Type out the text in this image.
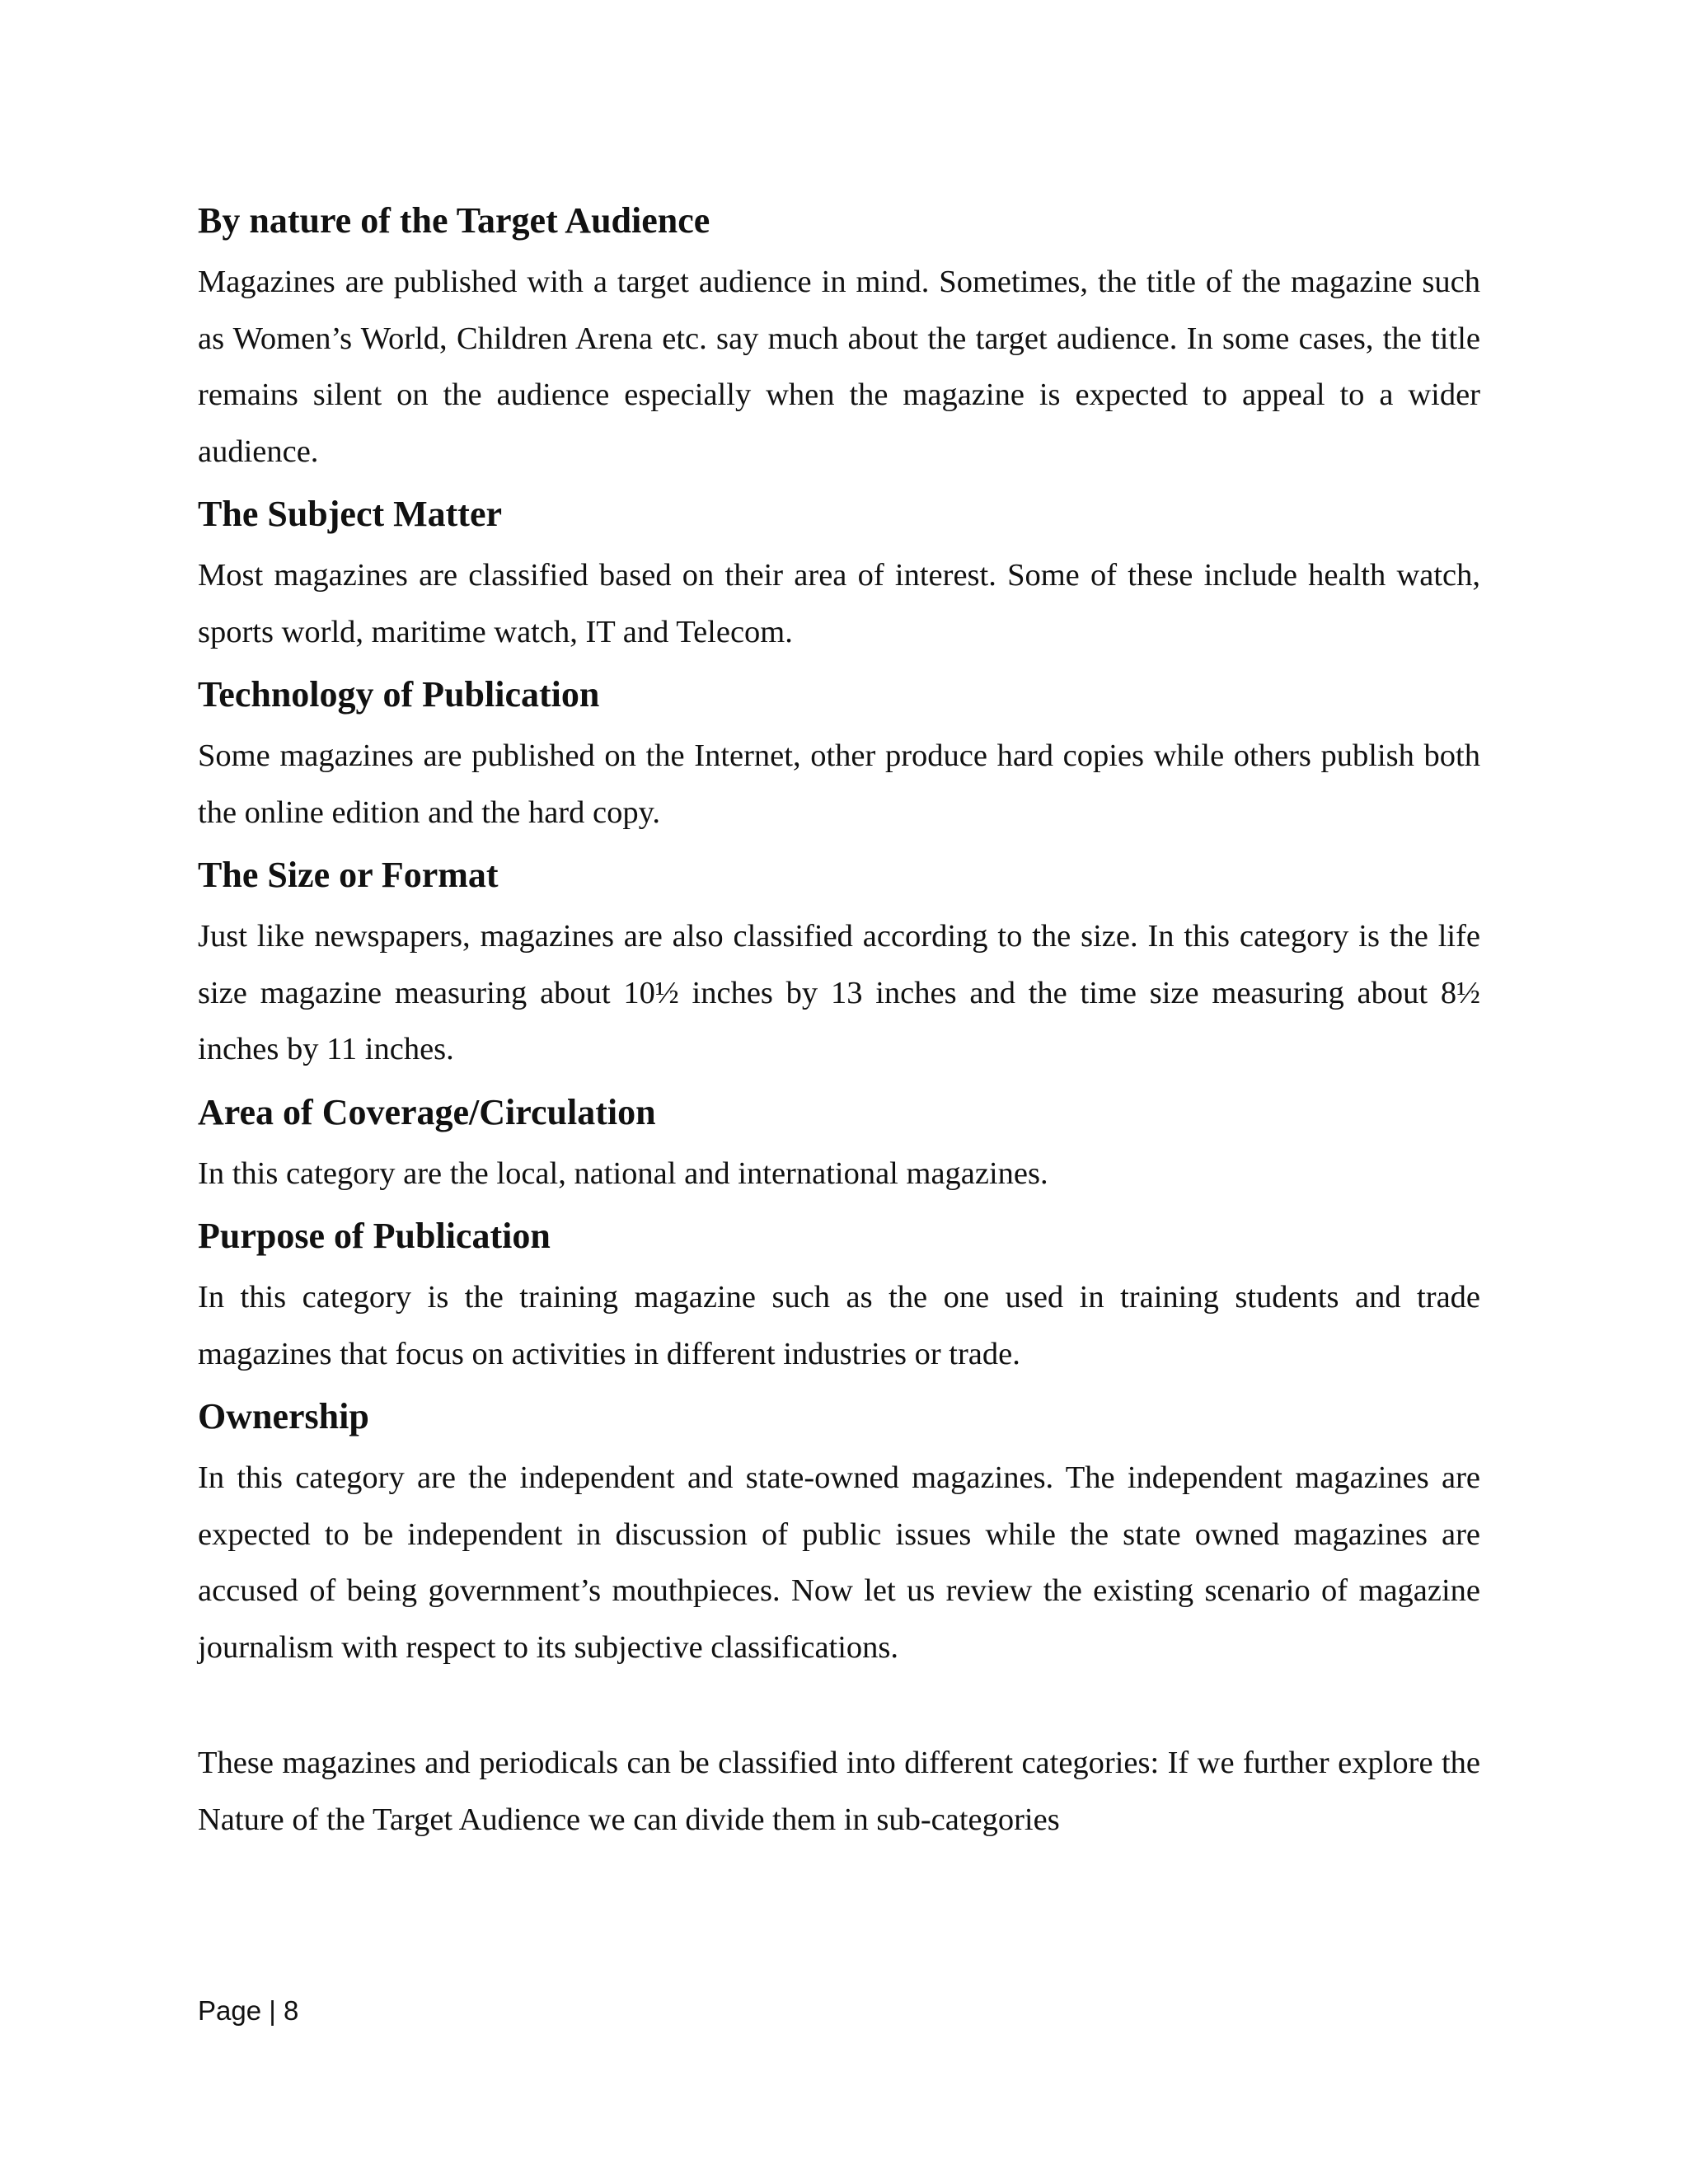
By nature of the Target Audience

Magazines are published with a target audience in mind. Sometimes, the title of the magazine such as Women’s World, Children Arena etc. say much about the target audience. In some cases, the title remains silent on the audience especially when the magazine is expected to appeal to a wider audience.

The Subject Matter

Most magazines are classified based on their area of interest. Some of these include health watch, sports world, maritime watch, IT and Telecom.

Technology of Publication

Some magazines are published on the Internet, other produce hard copies while others publish both the online edition and the hard copy.

The Size or Format

Just like newspapers, magazines are also classified according to the size. In this category is the life size magazine measuring about 10½ inches by 13 inches and the time size measuring about 8½ inches by 11 inches.

Area of Coverage/Circulation

In this category are the local, national and international magazines.

Purpose of Publication

In this category is the training magazine such as the one used in training students and trade magazines that focus on activities in different industries or trade.

Ownership

In this category are the independent and state-owned magazines. The independent magazines are expected to be independent in discussion of public issues while the state owned magazines are accused of being government’s mouthpieces. Now let us review the existing scenario of magazine journalism with respect to its subjective classifications.

These magazines and periodicals can be classified into different categories: If we further explore the Nature of the Target Audience we can divide them in sub-categories

Page | 8
